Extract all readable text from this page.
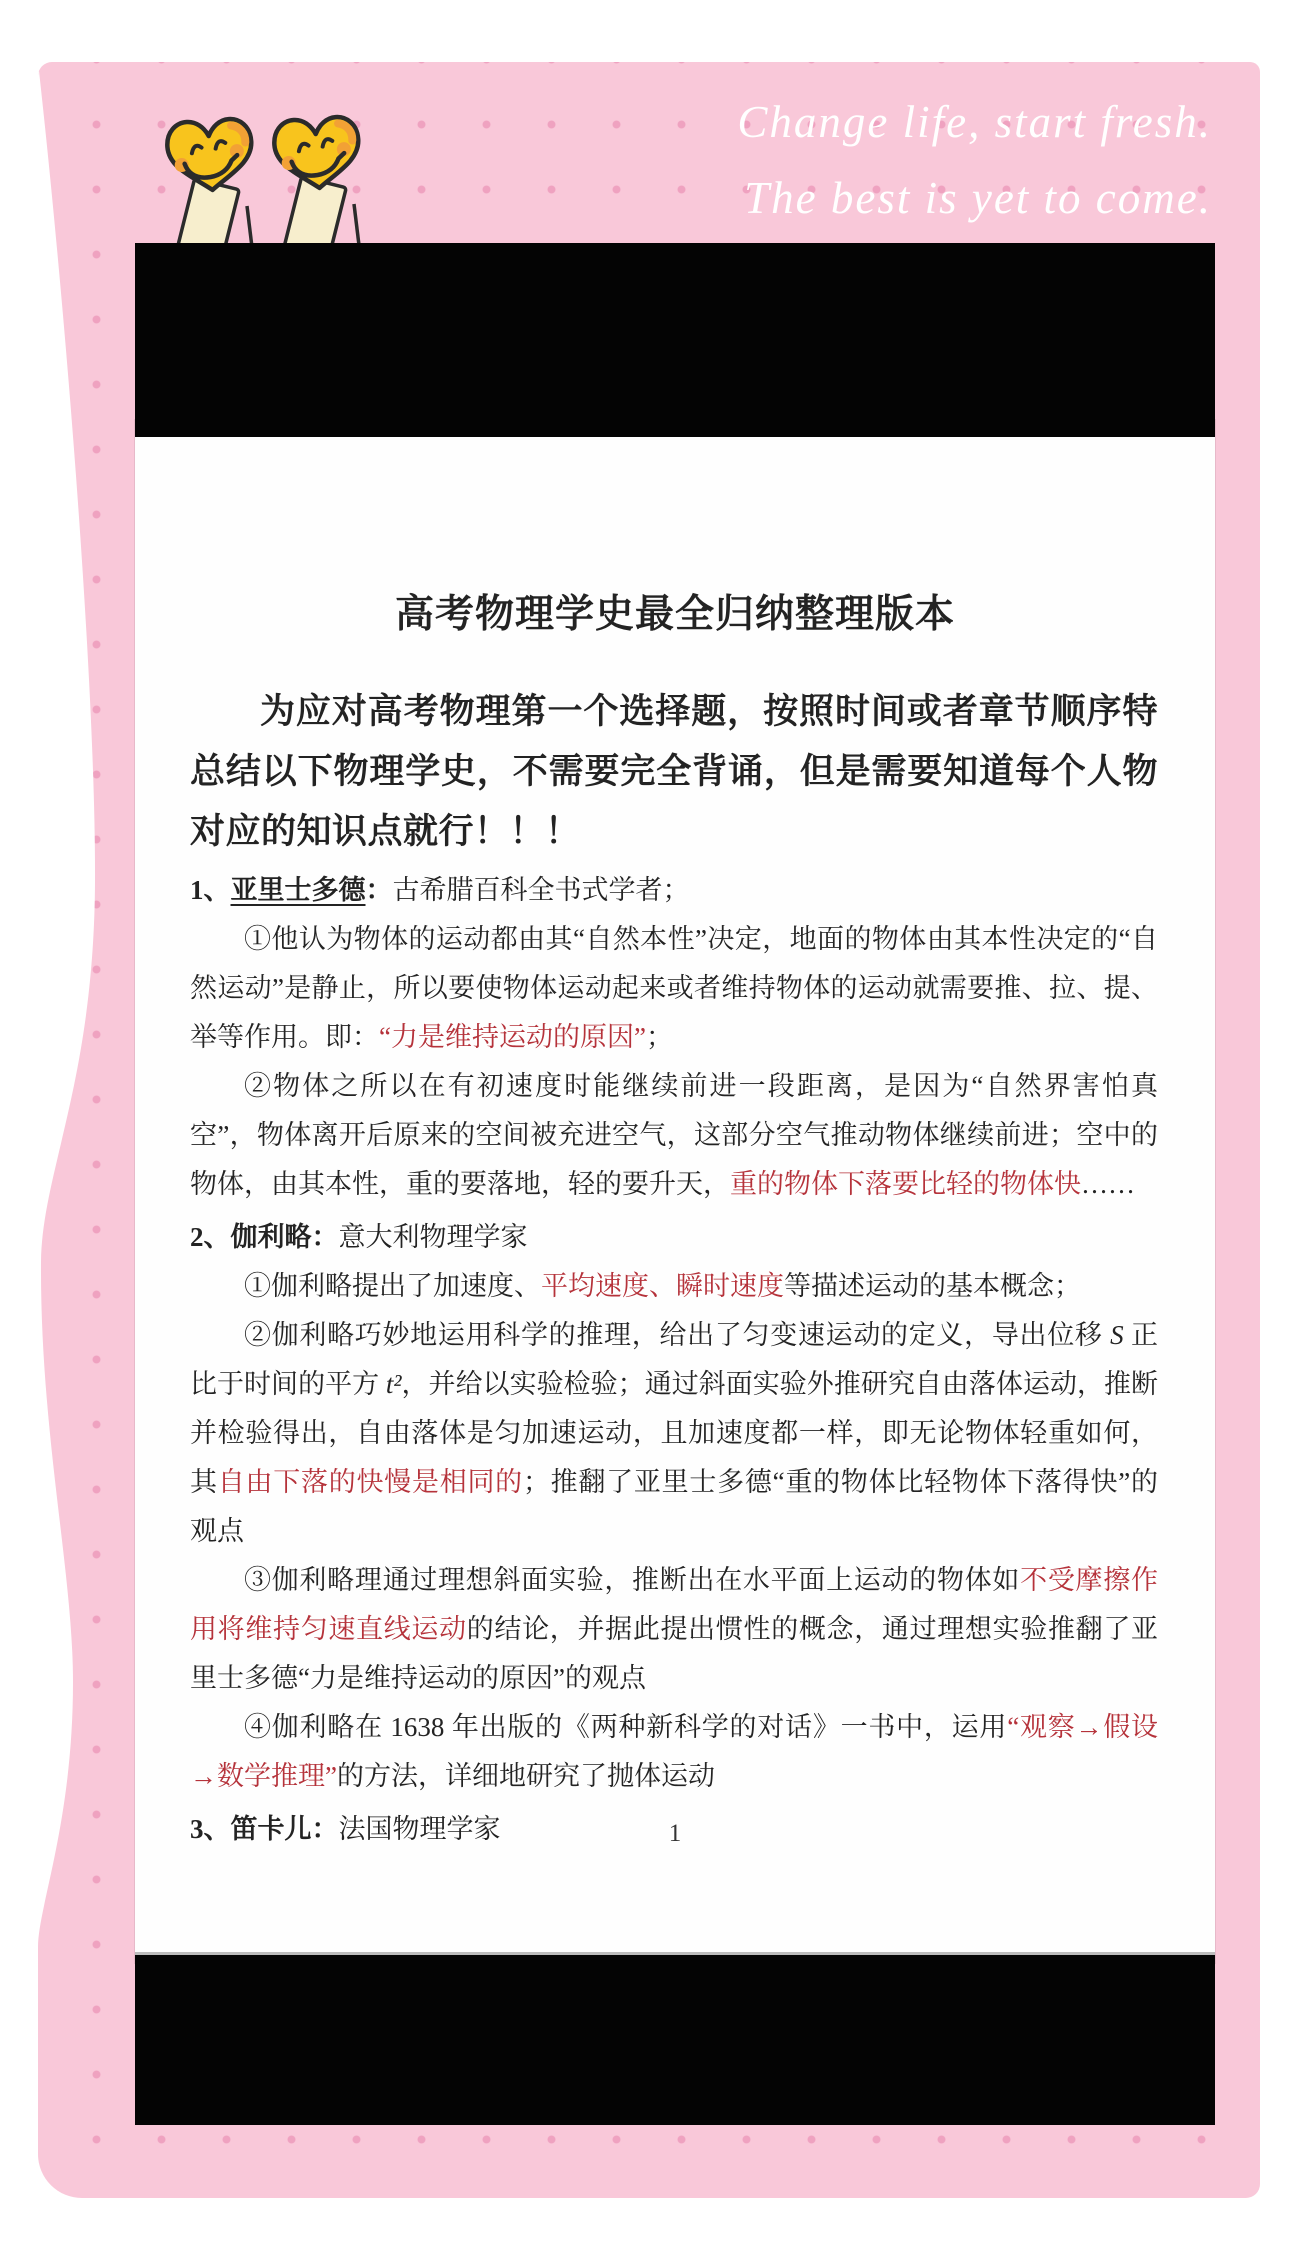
Change life, start fresh.
The best is yet to come.
高考物理学史最全归纳整理版本
为应对高考物理第一个选择题，按照时间或者章节顺序特总结以下物理学史，不需要完全背诵，但是需要知道每个人物对应的知识点就行！！！
1、亚里士多德：古希腊百科全书式学者；
①他认为物体的运动都由其“自然本性”决定，地面的物体由其本性决定的“自然运动”是静止，所以要使物体运动起来或者维持物体的运动就需要推、拉、提、举等作用。即：“力是维持运动的原因”；
②物体之所以在有初速度时能继续前进一段距离，是因为“自然界害怕真空”，物体离开后原来的空间被充进空气，这部分空气推动物体继续前进；空中的物体，由其本性，重的要落地，轻的要升天，重的物体下落要比轻的物体快……
2、伽利略：意大利物理学家
①伽利略提出了加速度、平均速度、瞬时速度等描述运动的基本概念；
②伽利略巧妙地运用科学的推理，给出了匀变速运动的定义，导出位移 S 正比于时间的平方 t²，并给以实验检验；通过斜面实验外推研究自由落体运动，推断并检验得出，自由落体是匀加速运动，且加速度都一样，即无论物体轻重如何，其自由下落的快慢是相同的；推翻了亚里士多德“重的物体比轻物体下落得快”的观点
③伽利略理通过理想斜面实验，推断出在水平面上运动的物体如不受摩擦作用将维持匀速直线运动的结论，并据此提出惯性的概念，通过理想实验推翻了亚里士多德“力是维持运动的原因”的观点
④伽利略在 1638 年出版的《两种新科学的对话》一书中，运用“观察→假设→数学推理”的方法，详细地研究了抛体运动
3、笛卡儿：法国物理学家	1
